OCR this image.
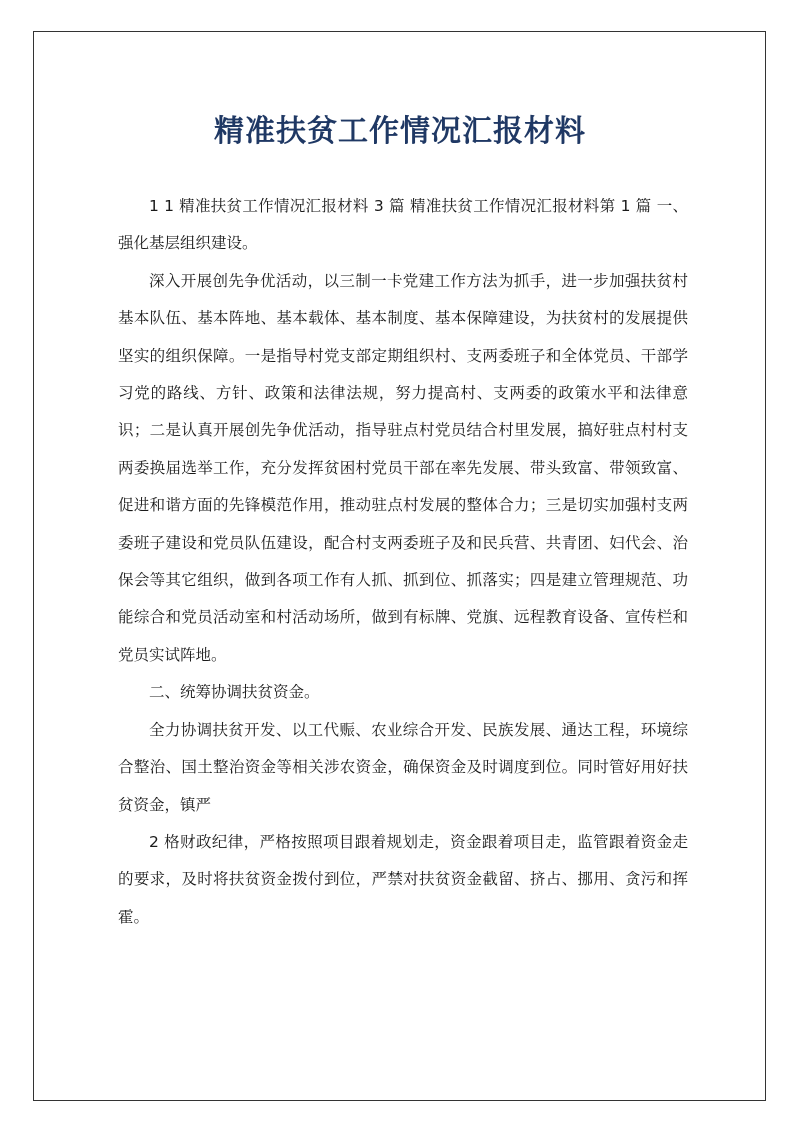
精准扶贫工作情况汇报材料

1 1 精准扶贫工作情况汇报材料 3 篇 精准扶贫工作情况汇报材料第 1 篇 一、强化基层组织建设。

深入开展创先争优活动，以三制一卡党建工作方法为抓手，进一步加强扶贫村基本队伍、基本阵地、基本载体、基本制度、基本保障建设，为扶贫村的发展提供坚实的组织保障。一是指导村党支部定期组织村、支两委班子和全体党员、干部学习党的路线、方针、政策和法律法规，努力提高村、支两委的政策水平和法律意识；二是认真开展创先争优活动，指导驻点村党员结合村里发展，搞好驻点村村支两委换届选举工作，充分发挥贫困村党员干部在率先发展、带头致富、带领致富、促进和谐方面的先锋模范作用，推动驻点村发展的整体合力；三是切实加强村支两委班子建设和党员队伍建设，配合村支两委班子及和民兵营、共青团、妇代会、治保会等其它组织，做到各项工作有人抓、抓到位、抓落实；四是建立管理规范、功能综合和党员活动室和村活动场所，做到有标牌、党旗、远程教育设备、宣传栏和党员实试阵地。

二、统筹协调扶贫资金。

全力协调扶贫开发、以工代赈、农业综合开发、民族发展、通达工程，环境综合整治、国土整治资金等相关涉农资金，确保资金及时调度到位。同时管好用好扶贫资金，镇严

2 格财政纪律，严格按照项目跟着规划走，资金跟着项目走，监管跟着资金走的要求，及时将扶贫资金拨付到位，严禁对扶贫资金截留、挤占、挪用、贪污和挥霍。
